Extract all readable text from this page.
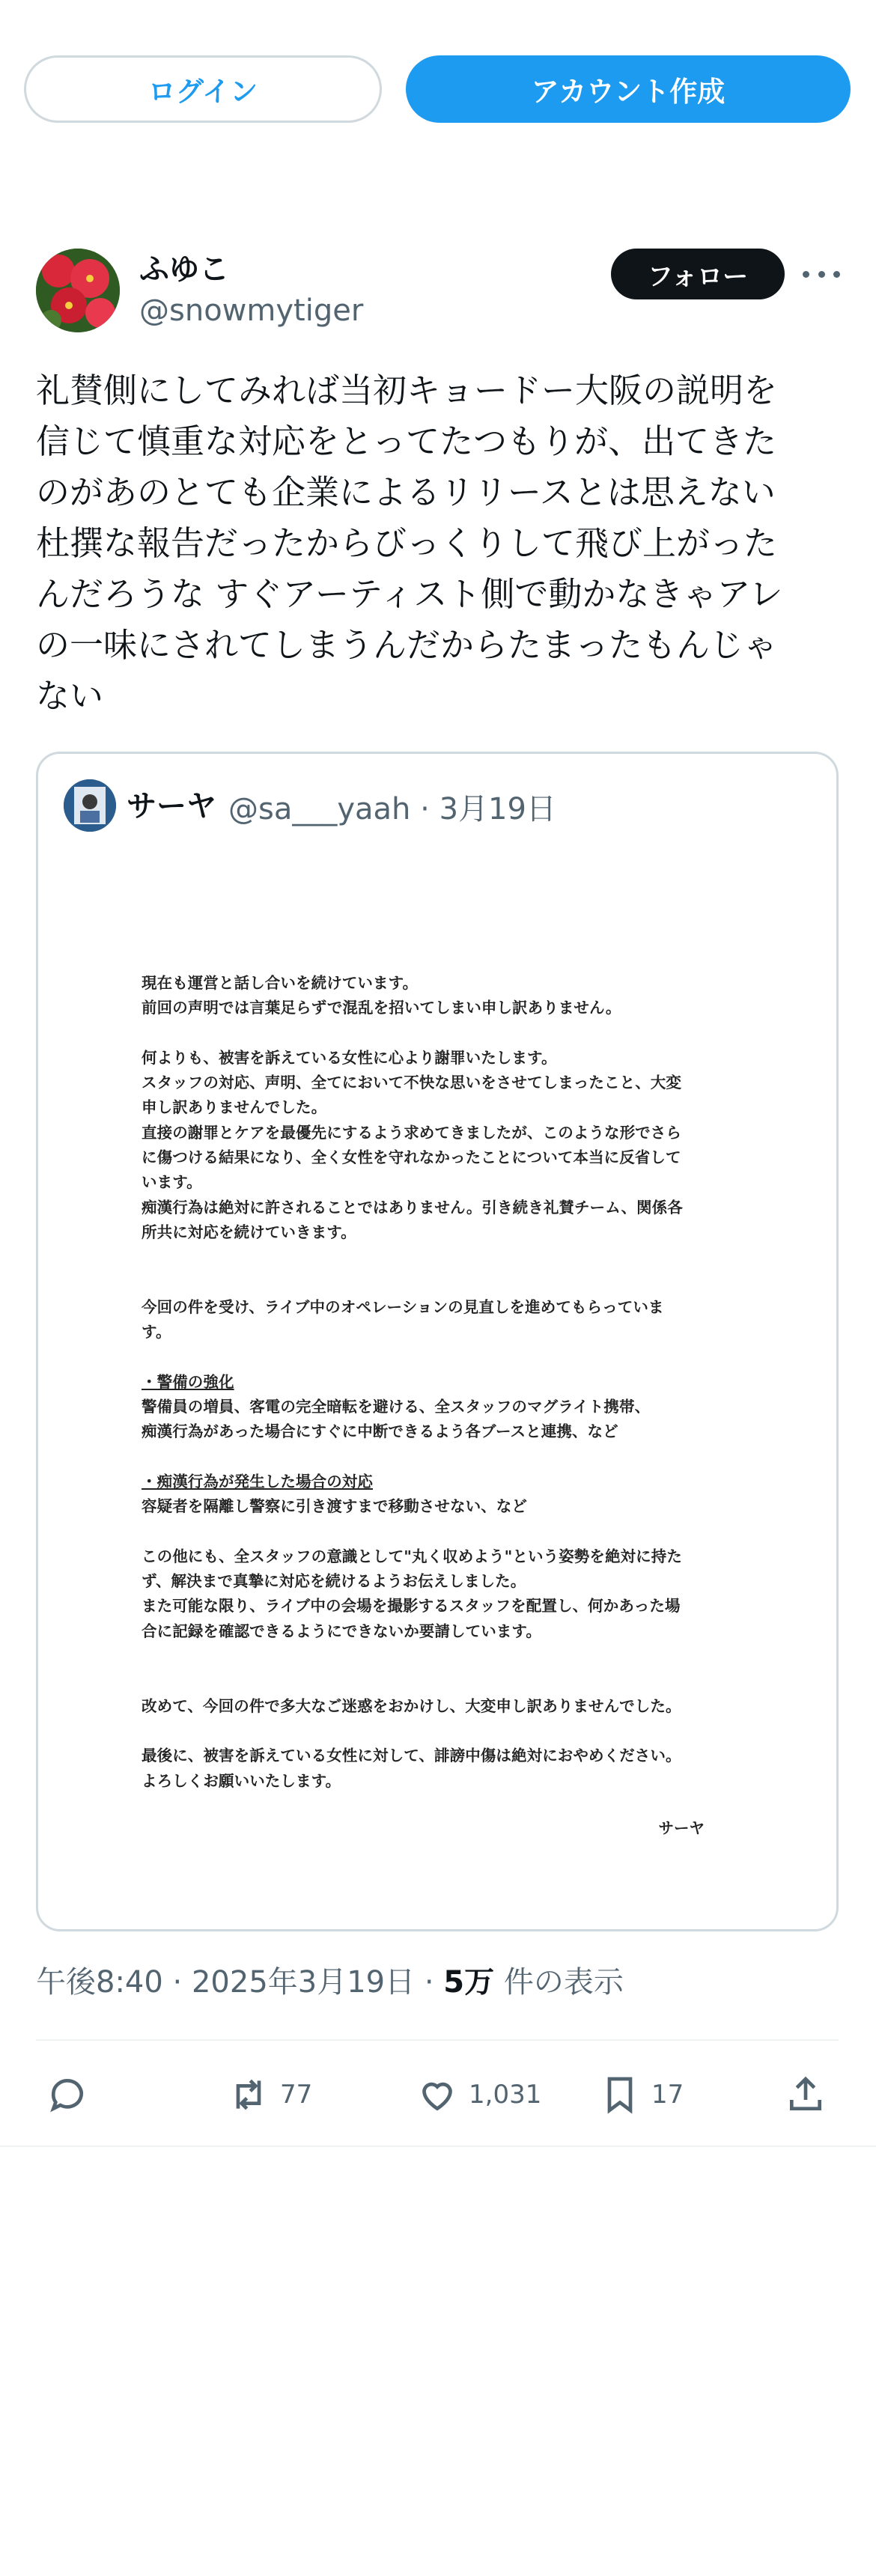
ログイン	アカウント作成
ふゆこ
@snowmytiger
フォロー
礼賛側にしてみれば当初キョードー大阪の説明を
信じて慎重な対応をとってたつもりが、出てきた
のがあのとても企業によるリリースとは思えない
杜撰な報告だったからびっくりして飛び上がった
んだろうな すぐアーティスト側で動かなきゃアレ
の一味にされてしまうんだからたまったもんじゃ
ない
サーヤ @sa___yaah · 3月19日
現在も運営と話し合いを続けています。
前回の声明では言葉足らずで混乱を招いてしまい申し訳ありません。

何よりも、被害を訴えている女性に心より謝罪いたします。
スタッフの対応、声明、全てにおいて不快な思いをさせてしまったこと、大変
申し訳ありませんでした。
直接の謝罪とケアを最優先にするよう求めてきましたが、このような形でさら
に傷つける結果になり、全く女性を守れなかったことについて本当に反省して
います。
痴漢行為は絶対に許されることではありません。引き続き礼賛チーム、関係各
所共に対応を続けていきます。

今回の件を受け、ライブ中のオペレーションの見直しを進めてもらっていま
す。

・警備の強化
警備員の増員、客電の完全暗転を避ける、全スタッフのマグライト携帯、
痴漢行為があった場合にすぐに中断できるよう各ブースと連携、など

・痴漢行為が発生した場合の対応
容疑者を隔離し警察に引き渡すまで移動させない、など

この他にも、全スタッフの意識として"丸く収めよう"という姿勢を絶対に持た
ず、解決まで真摯に対応を続けるようお伝えしました。
また可能な限り、ライブ中の会場を撮影するスタッフを配置し、何かあった場
合に記録を確認できるようにできないか要請しています。

改めて、今回の件で多大なご迷惑をおかけし、大変申し訳ありませんでした。

最後に、被害を訴えている女性に対して、誹謗中傷は絶対におやめください。
よろしくお願いいたします。
サーヤ
午後8:40 · 2025年3月19日 · 5万 件の表示
77	1,031	17
